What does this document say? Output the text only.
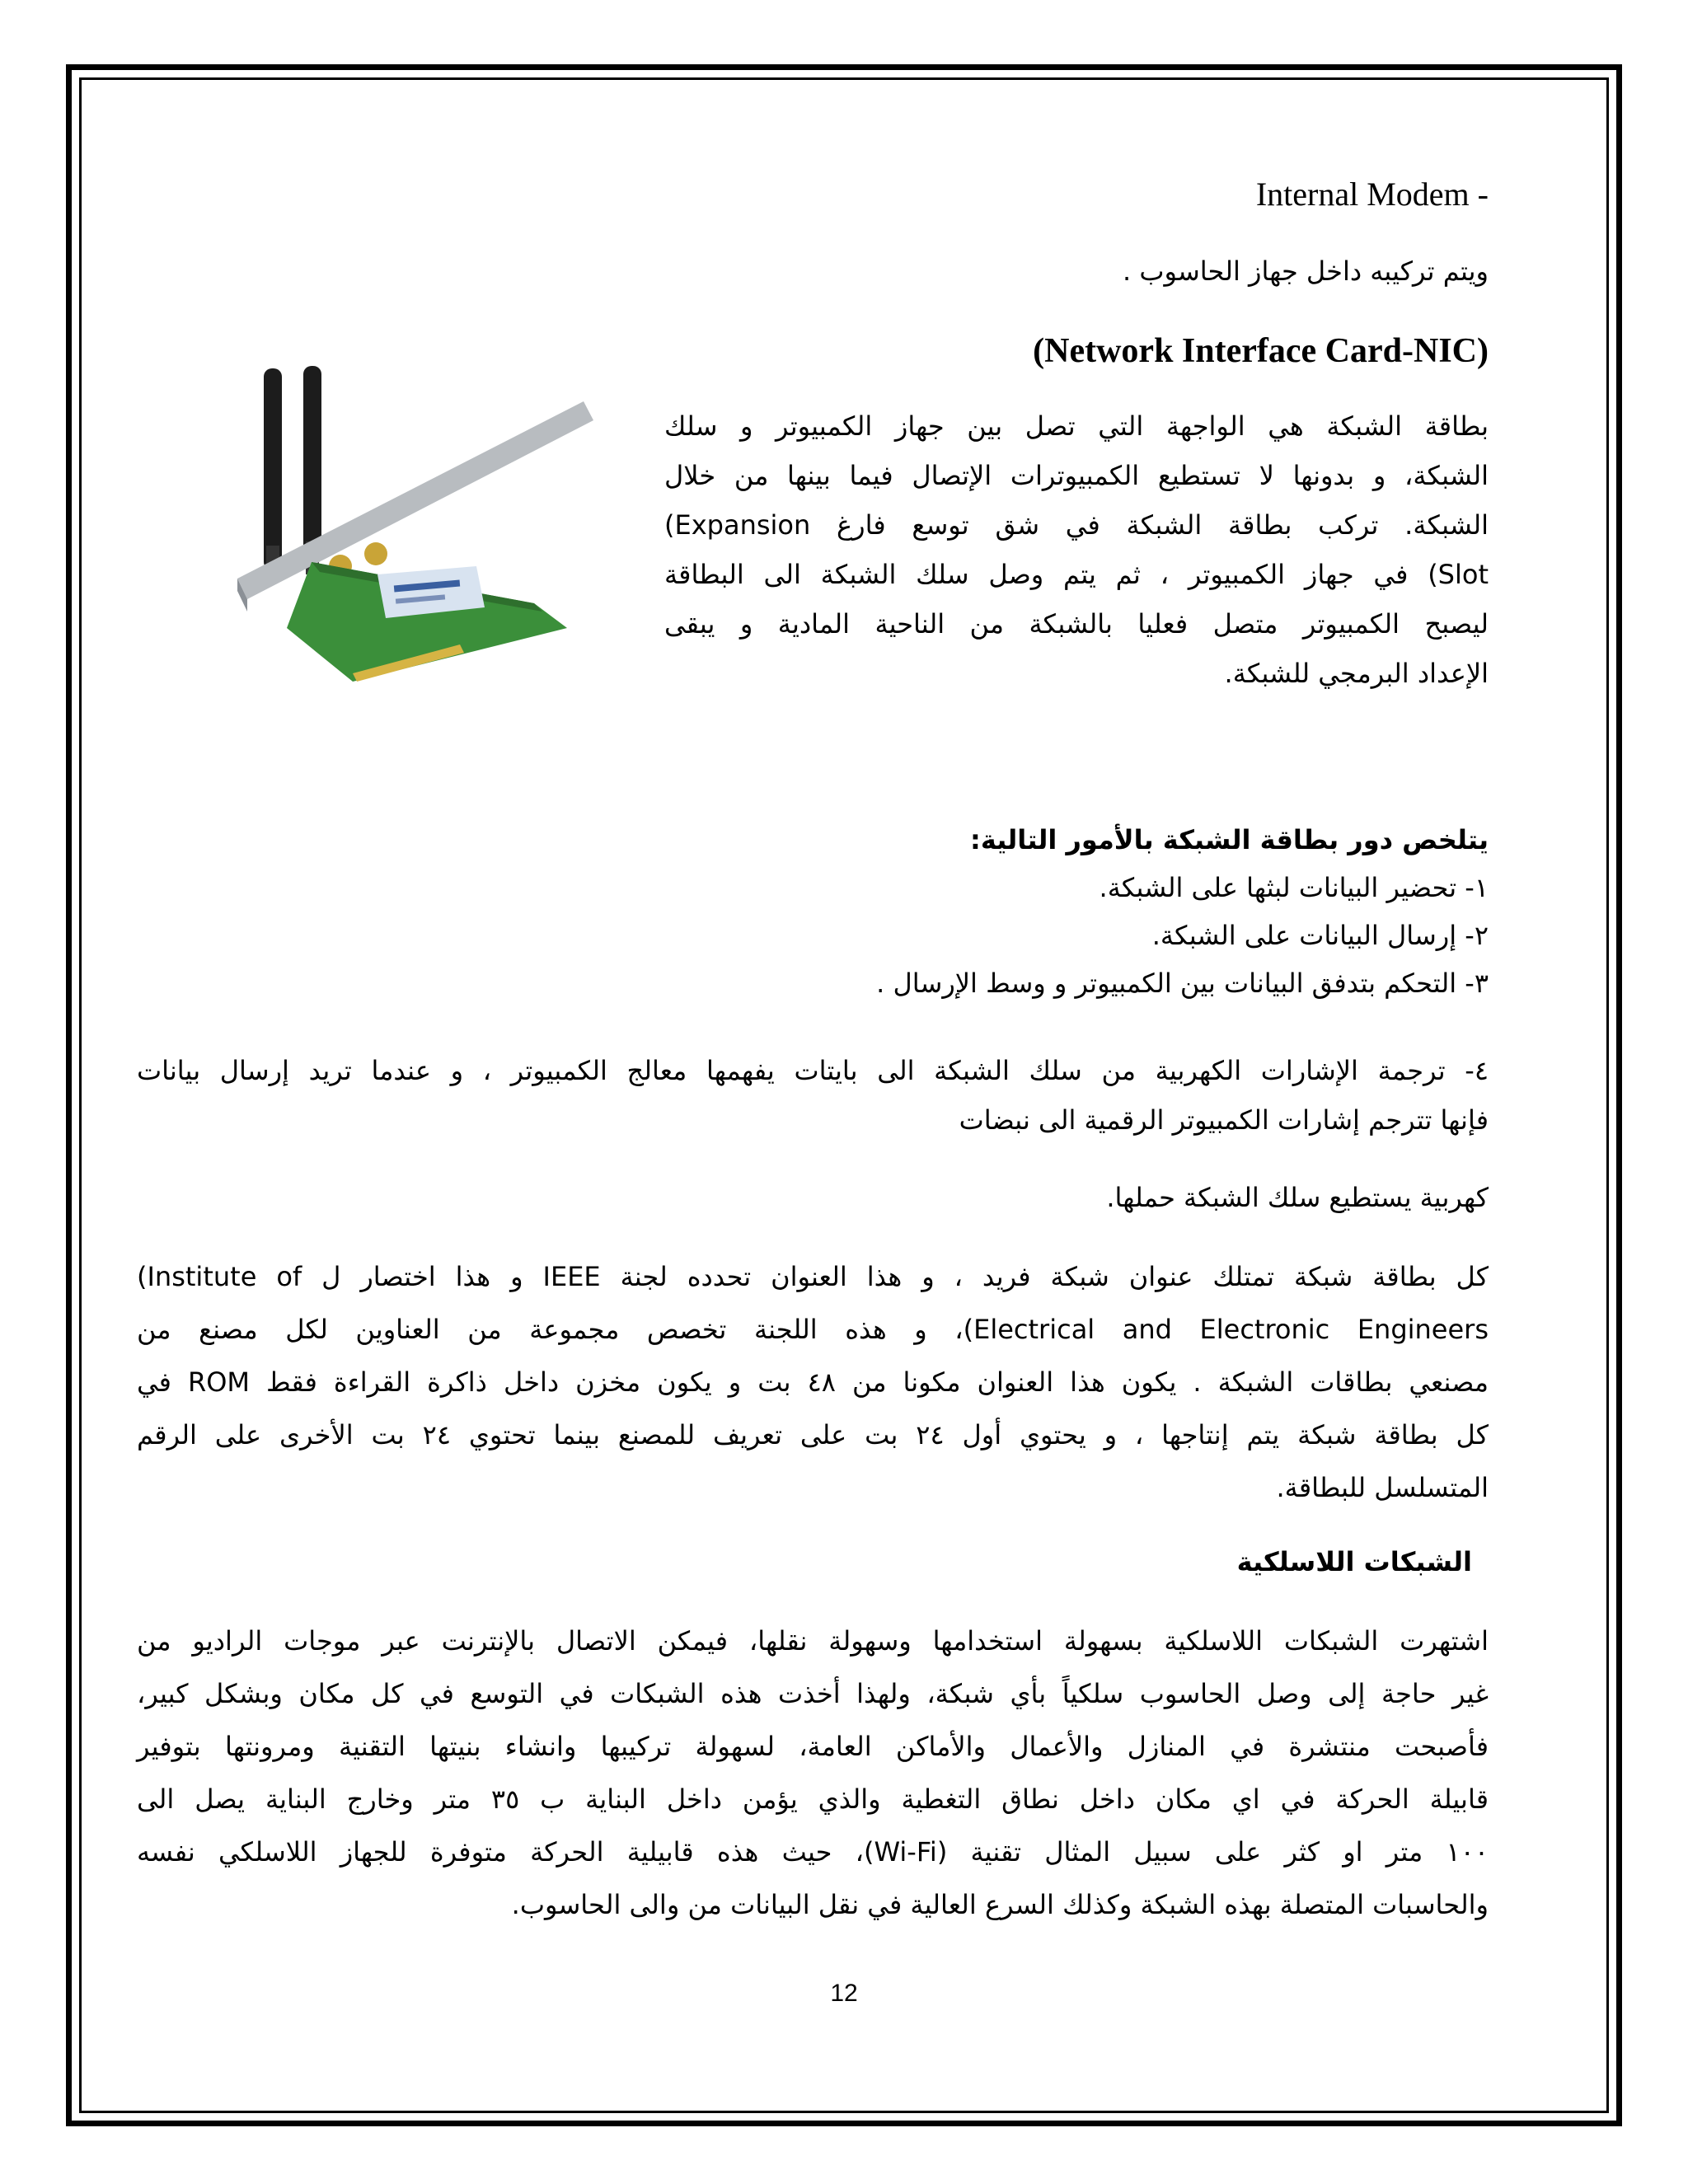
Internal Modem -
ويتم تركيبه داخل جهاز الحاسوب .
(Network Interface Card-NIC)
بطاقة الشبكة هي الواجهة التي تصل بين جهاز الكمبيوتر و سلك
الشبكة، و بدونها لا تستطيع الكمبيوترات الإتصال فيما بينها من خلال
الشبكة. تركب بطاقة الشبكة في شق توسع فارغ Expansion)
Slot) في جهاز الكمبيوتر ، ثم يتم وصل سلك الشبكة الى البطاقة
ليصبح الكمبيوتر متصل فعليا بالشبكة من الناحية المادية و يبقى
الإعداد البرمجي للشبكة.
يتلخص دور بطاقة الشبكة بالأمور التالية:
١- تحضير البيانات لبثها على الشبكة.
٢- إرسال البيانات على الشبكة.
٣- التحكم بتدفق البيانات بين الكمبيوتر و وسط الإرسال .
٤- ترجمة الإشارات الكهربية من سلك الشبكة الى بايتات يفهمها معالج الكمبيوتر ، و عندما تريد إرسال بيانات
فإنها تترجم إشارات الكمبيوتر الرقمية الى نبضات
كهربية يستطيع سلك الشبكة حملها.
كل بطاقة شبكة تمتلك عنوان شبكة فريد ، و هذا العنوان تحدده لجنة IEEE و هذا اختصار ل Institute of)
Electrical and Electronic Engineers)، و هذه اللجنة تخصص مجموعة من العناوين لكل مصنع من
مصنعي بطاقات الشبكة . يكون هذا العنوان مكونا من ٤٨ بت و يكون مخزن داخل ذاكرة القراءة فقط ROM في
كل بطاقة شبكة يتم إنتاجها ، و يحتوي أول ٢٤ بت على تعريف للمصنع بينما تحتوي ٢٤ بت الأخرى على الرقم
المتسلسل للبطاقة.
الشبكات اللاسلكية
اشتهرت الشبكات اللاسلكية بسهولة استخدامها وسهولة نقلها، فيمكن الاتصال بالإنترنت عبر موجات الراديو من
غير حاجة إلى وصل الحاسوب سلكياً بأي شبكة، ولهذا أخذت هذه الشبكات في التوسع في كل مكان وبشكل كبير،
فأصبحت منتشرة في المنازل والأعمال والأماكن العامة، لسهولة تركيبها وانشاء بنيتها التقنية ومرونتها بتوفير
قابيلة الحركة في اي مكان داخل نطاق التغطية والذي يؤمن داخل البناية ب ٣٥ متر وخارج البناية يصل الى
١٠٠ متر او كثر على سبيل المثال تقنية (Wi-Fi)، حيث هذه قابيلية الحركة متوفرة للجهاز اللاسلكي نفسه
والحاسبات المتصلة بهذه الشبكة وكذلك السرع العالية في نقل البيانات من والى الحاسوب.
12
